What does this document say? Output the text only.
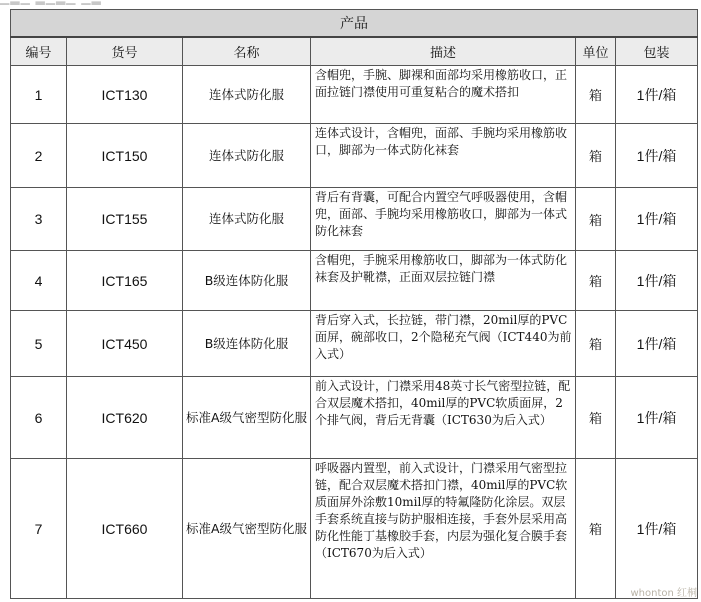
产品					
编号	货号	名称	描述	单位	包装
1	ICT130	连体式防化服	含帽兜，手腕、脚裸和面部均采用橡筋收口，正面拉链门襟使用可重复粘合的魔术搭扣	箱	1件/箱
2	ICT150	连体式防化服	连体式设计，含帽兜，面部、手腕均采用橡筋收口，脚部为一体式防化袜套	箱	1件/箱
3	ICT155	连体式防化服	背后有背囊，可配合内置空气呼吸器使用，含帽兜，面部、手腕均采用橡筋收口，脚部为一体式防化袜套	箱	1件/箱
4	ICT165	B级连体防化服	含帽兜，手腕采用橡筋收口，脚部为一体式防化袜套及护靴襟，正面双层拉链门襟	箱	1件/箱
5	ICT450	B级连体防化服	背后穿入式，长拉链，带门襟，20mil厚的PVC面屏，碗部收口，2个隐秘充气阀（ICT440为前入式）	箱	1件/箱
6	ICT620	标准A级气密型防化服	前入式设计，门襟采用48英寸长气密型拉链，配合双层魔术搭扣，40mil厚的PVC软质面屏，2个排气阀，背后无背囊（ICT630为后入式）	箱	1件/箱
7	ICT660	标准A级气密型防化服	呼吸器内置型，前入式设计，门襟采用气密型拉链，配合双层魔术搭扣门襟，40mil厚的PVC软质面屏外涂敷10mil厚的特氟隆防化涂层。双层手套系统直接与防护服相连接，手套外层采用高防化性能丁基橡胶手套，内层为强化复合膜手套（ICT670为后入式）	箱	1件/箱
whonton 红桐
